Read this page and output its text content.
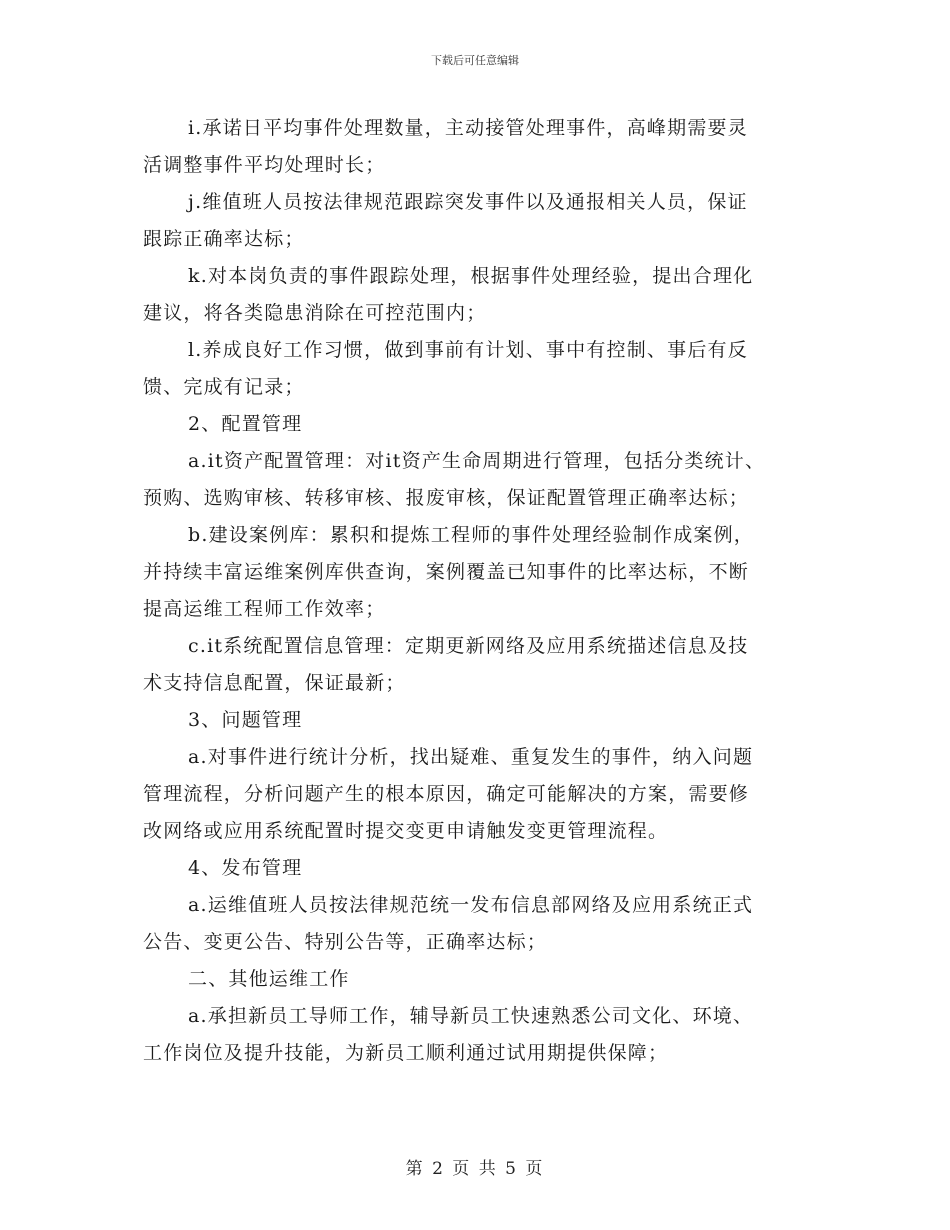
下载后可任意编辑
i.承诺日平均事件处理数量，主动接管处理事件，高峰期需要灵
活调整事件平均处理时长；
j.维值班人员按法律规范跟踪突发事件以及通报相关人员，保证
跟踪正确率达标；
k.对本岗负责的事件跟踪处理，根据事件处理经验，提出合理化
建议，将各类隐患消除在可控范围内；
l.养成良好工作习惯，做到事前有计划、事中有控制、事后有反
馈、完成有记录；
2、配置管理
a.it资产配置管理：对it资产生命周期进行管理，包括分类统计、
预购、选购审核、转移审核、报废审核，保证配置管理正确率达标；
b.建设案例库：累积和提炼工程师的事件处理经验制作成案例，
并持续丰富运维案例库供查询，案例覆盖已知事件的比率达标，不断
提高运维工程师工作效率；
c.it系统配置信息管理：定期更新网络及应用系统描述信息及技
术支持信息配置，保证最新；
3、问题管理
a.对事件进行统计分析，找出疑难、重复发生的事件，纳入问题
管理流程，分析问题产生的根本原因，确定可能解决的方案，需要修
改网络或应用系统配置时提交变更申请触发变更管理流程。
4、发布管理
a.运维值班人员按法律规范统一发布信息部网络及应用系统正式
公告、变更公告、特别公告等，正确率达标；
二、其他运维工作
a.承担新员工导师工作，辅导新员工快速熟悉公司文化、环境、
工作岗位及提升技能，为新员工顺利通过试用期提供保障；
第 2 页 共 5 页
